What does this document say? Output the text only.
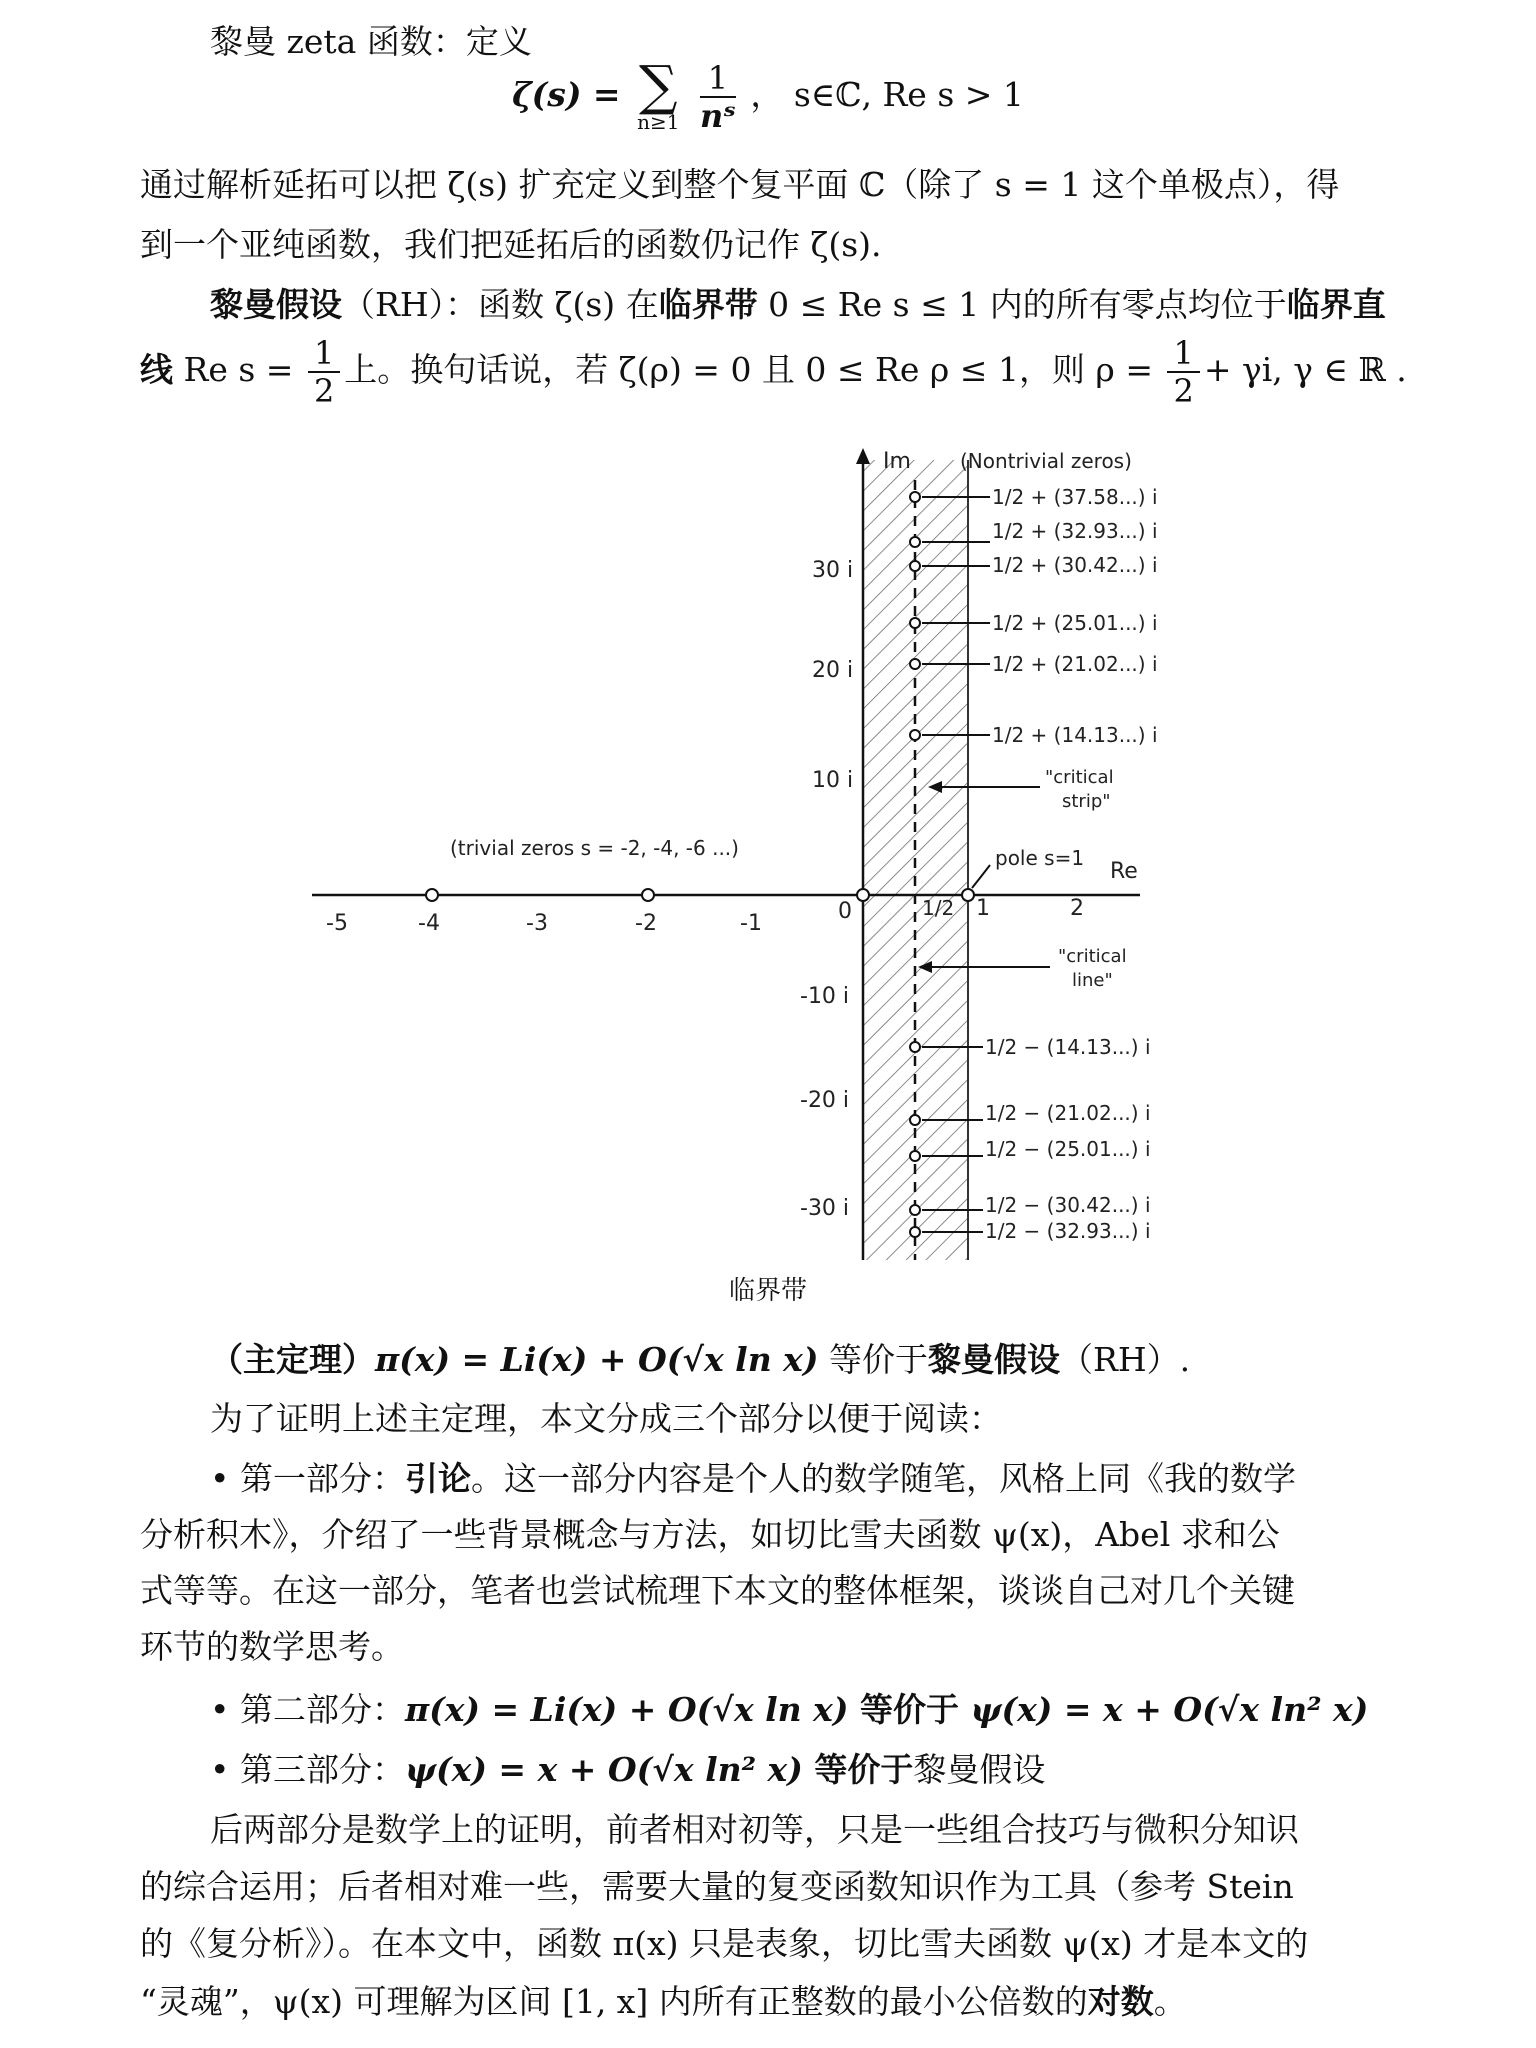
黎曼 zeta 函数：定义
ζ(s) = ∑
n≥1
$\frac{1}{\text{nˢ}}$ ， s∈ℂ, Re s > 1
通过解析延拓可以把 ζ(s) 扩充定义到整个复平面 ℂ（除了 s = 1 这个单极点），得
到一个亚纯函数，我们把延拓后的函数仍记作 ζ(s).
黎曼假设（RH）：函数 ζ(s) 在临界带 0 ≤ Re s ≤ 1 内的所有零点均位于临界直
线 Re $s = \frac{1}{2}$ 上。换句话说，若 ζ(ρ) = 0 且 0 ≤ Re ρ ≤ 1，则 $\rho = \frac{1}{2} + \gamma i$, γ ∈ ℝ .
Im
Re
(Nontrivial zeros)
-5	-4	-3	-2	-1	0	1/2 1	2
(trivial zeros s = -2, -4, -6 ...)	pole s=1
30 i
20 i
10 i
-10 i
-20 i
-30 i
1/2 + (37.58...) i
1/2 + (32.93...) i
1/2 + (30.42...) i
1/2 + (25.01...) i
1/2 + (21.02...) i
1/2 + (14.13...) i
"critical
strip"
"critical
line"
1/2 − (14.13...) i
1/2 − (21.02...) i
1/2 − (25.01...) i
1/2 − (30.42...) i
1/2 − (32.93...) i
临界带
（主定理）π(x) = Li(x) + O(√x ln x) 等价于黎曼假设（RH）.
为了证明上述主定理，本文分成三个部分以便于阅读：
• 第一部分：引论。这一部分内容是个人的数学随笔，风格上同《我的数学
分析积木》，介绍了一些背景概念与方法，如切比雪夫函数 ψ(x)，Abel 求和公
式等等。在这一部分，笔者也尝试梳理下本文的整体框架，谈谈自己对几个关键
环节的数学思考。
• 第二部分：π(x) = Li(x) + O(√x ln x) 等价于 ψ(x) = x + O(√x ln² x)
• 第三部分：ψ(x) = x + O(√x ln² x) 等价于黎曼假设
后两部分是数学上的证明，前者相对初等，只是一些组合技巧与微积分知识
的综合运用；后者相对难一些，需要大量的复变函数知识作为工具（参考 Stein
的《复分析》）。在本文中，函数 π(x) 只是表象，切比雪夫函数 ψ(x) 才是本文的
“灵魂”，ψ(x) 可理解为区间 [1, x] 内所有正整数的最小公倍数的对数。
